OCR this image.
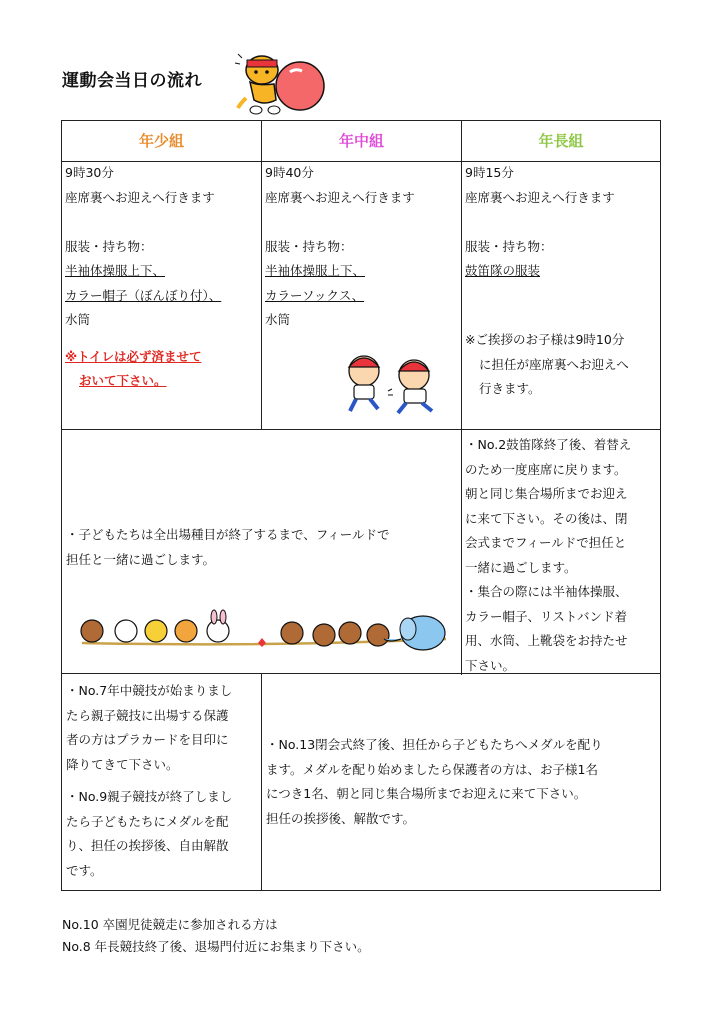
運動会当日の流れ
年少組	年中組	年長組
9時30分
座席裏へお迎えへ行きます

服装・持ち物：
半袖体操服上下、
カラー帽子（ぼんぼり付）、
水筒
※トイレは必ず済ませて
おいて下さい。
9時40分
座席裏へお迎えへ行きます

服装・持ち物：
半袖体操服上下、
カラーソックス、
水筒
9時15分
座席裏へお迎えへ行きます

服装・持ち物：
鼓笛隊の服装

※ご挨拶のお子様は9時10分
に担任が座席裏へお迎えへ
行きます。
・子どもたちは全出場種目が終了するまで、フィールドで
担任と一緒に過ごします。
・No.2鼓笛隊終了後、着替え
のため一度座席に戻ります。
朝と同じ集合場所までお迎え
に来て下さい。その後は、閉
会式までフィールドで担任と
一緒に過ごします。
・集合の際には半袖体操服、
カラー帽子、リストバンド着
用、水筒、上靴袋をお持たせ
下さい。
・No.7年中競技が始まりまし
たら親子競技に出場する保護
者の方はプラカードを目印に
降りてきて下さい。
・No.9親子競技が終了しまし
たら子どもたちにメダルを配
り、担任の挨拶後、自由解散
です。
・No.13閉会式終了後、担任から子どもたちへメダルを配り
ます。メダルを配り始めましたら保護者の方は、お子様1名
につき1名、朝と同じ集合場所までお迎えに来て下さい。
担任の挨拶後、解散です。
No.10 卒園児徒競走に参加される方は
No.8 年長競技終了後、退場門付近にお集まり下さい。
